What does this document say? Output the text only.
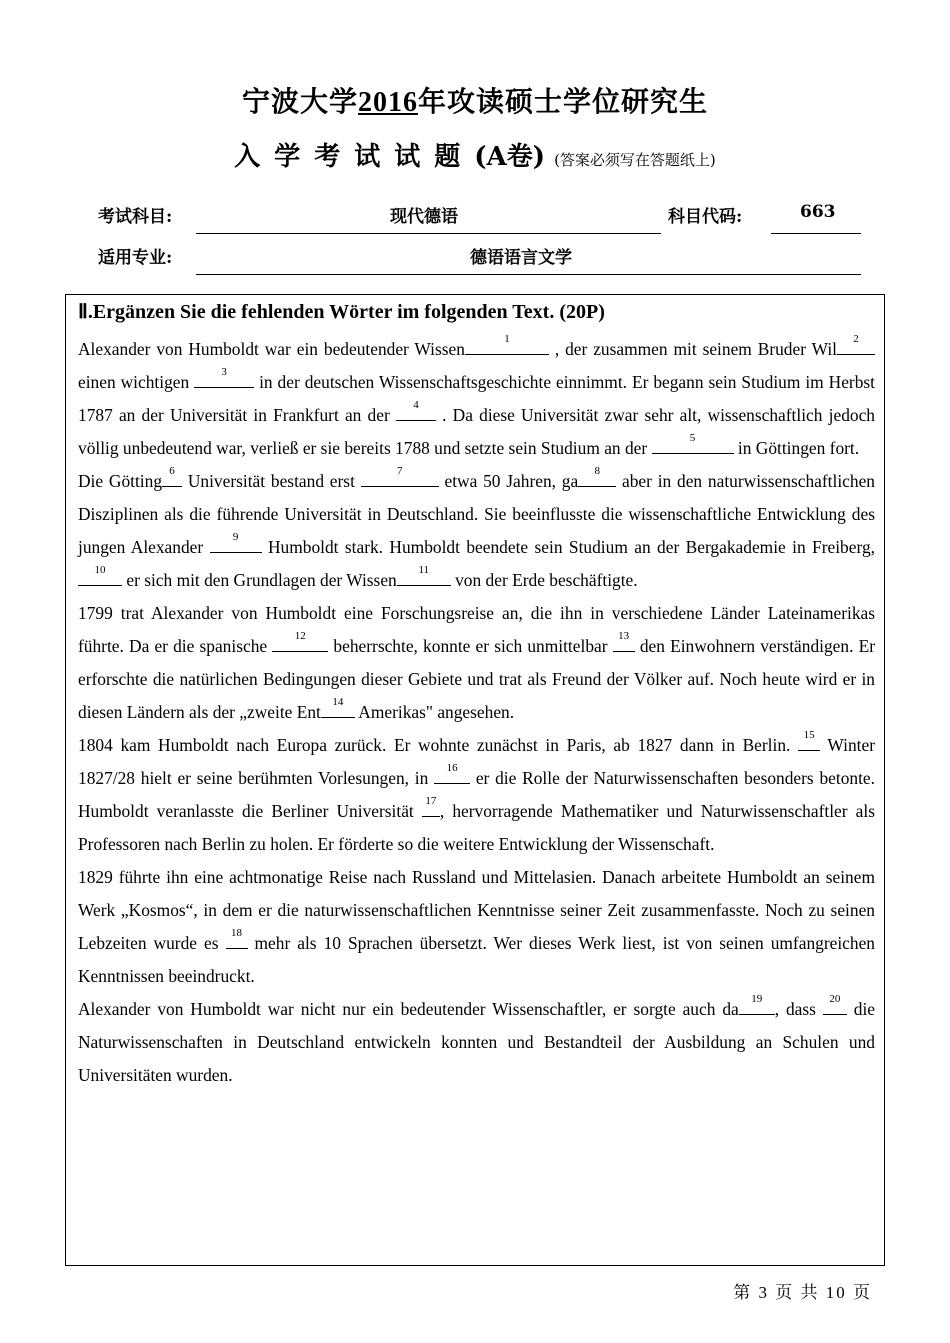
宁波大学2016年攻读硕士学位研究生
入学考试试题(A卷) (答案必须写在答题纸上)
考试科目:	现代德语	科目代码:	663
适用专业:	德语语言文学
Ⅱ.Ergänzen Sie die fehlenden Wörter im folgenden Text. (20P)

Alexander von Humboldt war ein bedeutender Wissen	1	, der zusammen mit seinem Bruder Wil	2
einen wichtigen	3	in der deutschen Wissenschaftsgeschichte einnimmt. Er begann sein Studium im Herbst 1787 an der Universität in Frankfurt an der	4 . Da diese Universität zwar sehr alt, wissenschaftlich jedoch völlig unbedeutend war, verließ er sie bereits 1788 und setzte sein Studium an der	5	in Göttingen fort.

Die Götting 6 Universität bestand erst	7	etwa 50 Jahren, ga	8 aber in den naturwissenschaftlichen Disziplinen als die führende Universität in Deutschland. Sie beeinflusste die wissenschaftliche Entwicklung des jungen Alexander	9	Humboldt stark. Humboldt beendete sein Studium an der Bergakademie in Freiberg,
10 er sich mit den Grundlagen der Wissen	11	von der Erde beschäftigte.

1799 trat Alexander von Humboldt eine Forschungsreise an, die ihn in verschiedene Länder Lateinamerikas führte. Da er die spanische	12	beherrschte, konnte er sich unmittelbar 13 den Einwohnern verständigen. Er erforschte die natürlichen Bedingungen dieser Gebiete und trat als Freund der Völker auf. Noch heute wird er in diesen Ländern als der „zweite Ent	14 Amerikas" angesehen.

1804 kam Humboldt nach Europa zurück. Er wohnte zunächst in Paris, ab 1827 dann in Berlin. 15 Winter 1827/28 hielt er seine berühmten Vorlesungen, in	16 er die Rolle der Naturwissenschaften besonders betonte. Humboldt veranlasste die Berliner Universität 17 , hervorragende Mathematiker und Naturwissenschaftler als Professoren nach Berlin zu holen. Er förderte so die weitere Entwicklung der Wissenschaft.

1829 führte ihn eine achtmonatige Reise nach Russland und Mittelasien. Danach arbeitete Humboldt an seinem Werk „Kosmos“, in dem er die naturwissenschaftlichen Kenntnisse seiner Zeit zusammenfasste. Noch zu seinen Lebzeiten wurde es 18 mehr als 10 Sprachen übersetzt. Wer dieses Werk liest, ist von seinen umfangreichen Kenntnissen beeindruckt.

Alexander von Humboldt war nicht nur ein bedeutender Wissenschaftler, er sorgte auch da	19 , dass 20 die Naturwissenschaften in Deutschland entwickeln konnten und Bestandteil der Ausbildung an Schulen und Universitäten wurden.

第 3 页 共 10 页
